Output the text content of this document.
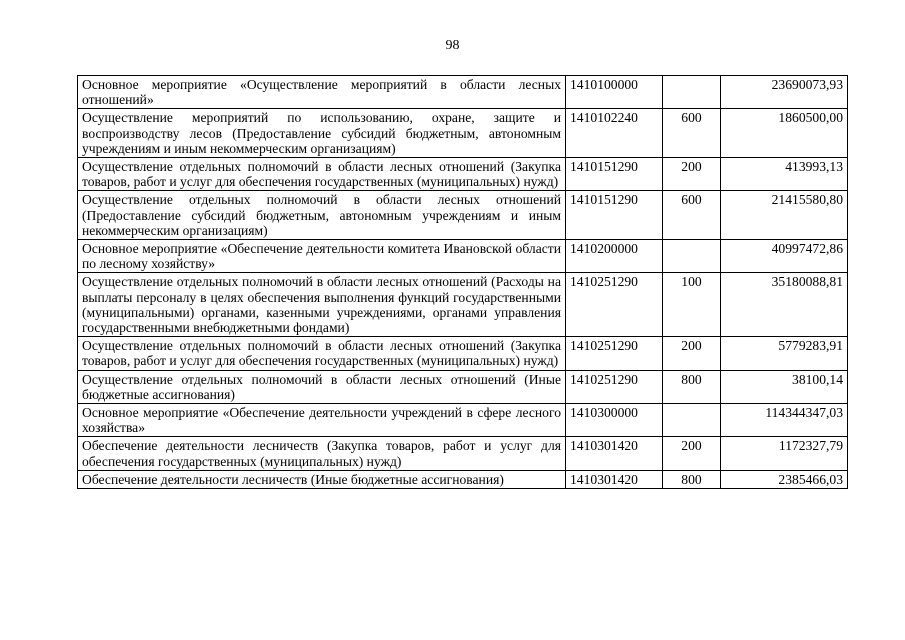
98
Основное мероприятие «Осуществление мероприятий в области лесных отношений»	1410100000		23690073,93
Осуществление мероприятий по использованию, охране, защите и воспроизводству лесов (Предоставление субсидий бюджетным, автономным учреждениям и иным некоммерческим организациям)	1410102240	600	1860500,00
Осуществление отдельных полномочий в области лесных отношений (Закупка товаров, работ и услуг для обеспечения государственных (муниципальных) нужд)	1410151290	200	413993,13
Осуществление отдельных полномочий в области лесных отношений (Предоставление субсидий бюджетным, автономным учреждениям и иным некоммерческим организациям)	1410151290	600	21415580,80
Основное мероприятие «Обеспечение деятельности комитета Ивановской области по лесному хозяйству»	1410200000		40997472,86
Осуществление отдельных полномочий в области лесных отношений (Расходы на выплаты персоналу в целях обеспечения выполнения функций государственными (муниципальными) органами, казенными учреждениями, органами управления государственными внебюджетными фондами)	1410251290	100	35180088,81
Осуществление отдельных полномочий в области лесных отношений (Закупка товаров, работ и услуг для обеспечения государственных (муниципальных) нужд)	1410251290	200	5779283,91
Осуществление отдельных полномочий в области лесных отношений (Иные бюджетные ассигнования)	1410251290	800	38100,14
Основное мероприятие «Обеспечение деятельности учреждений в сфере лесного хозяйства»	1410300000		114344347,03
Обеспечение деятельности лесничеств (Закупка товаров, работ и услуг для обеспечения государственных (муниципальных) нужд)	1410301420	200	1172327,79
Обеспечение деятельности лесничеств (Иные бюджетные ассигнования)	1410301420	800	2385466,03
